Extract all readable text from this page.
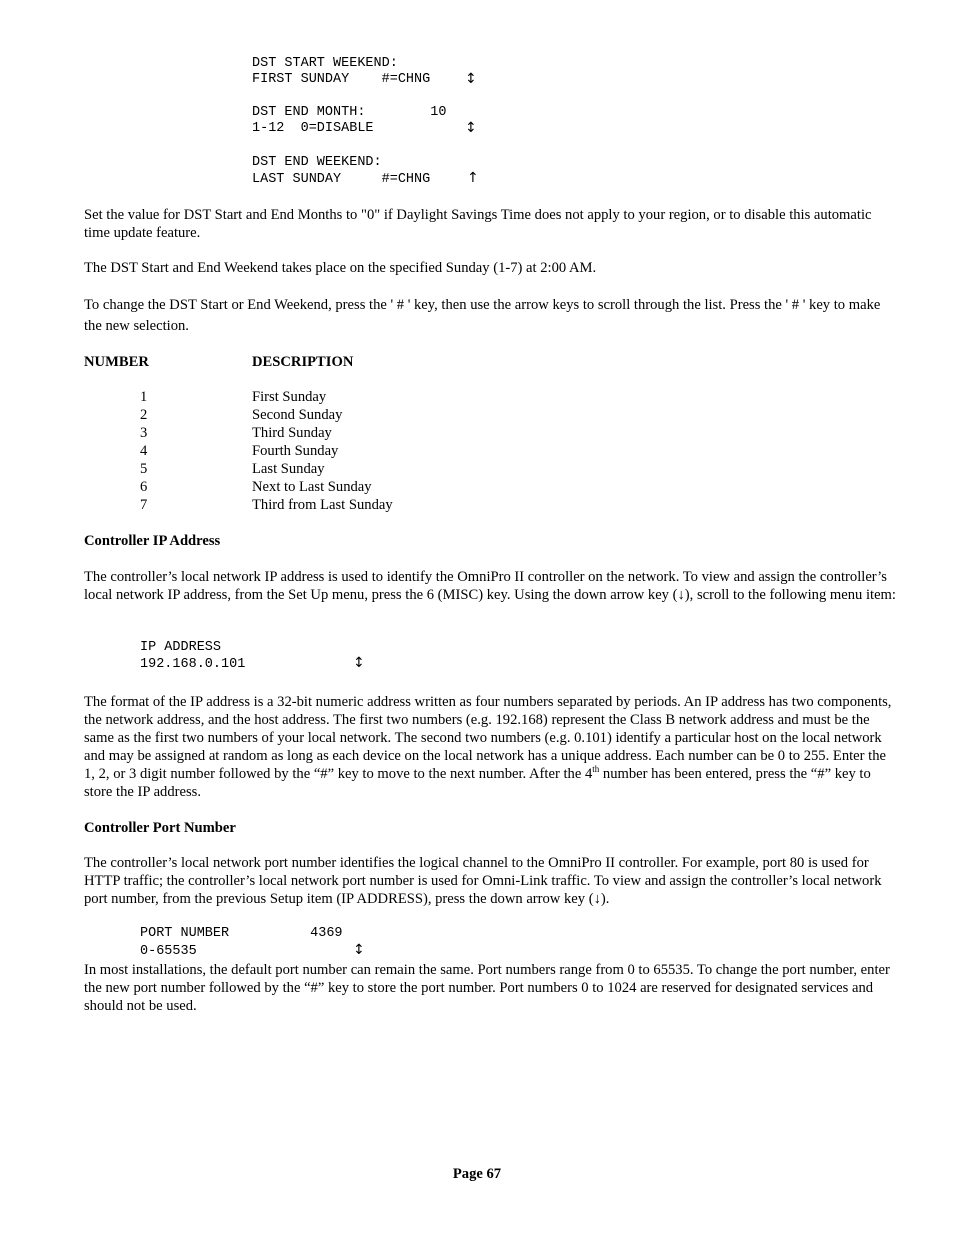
DST START WEEKEND:
FIRST SUNDAY    #=CHNG ↕
DST END MONTH:        10
1-12  0=DISABLE	↕
DST END WEEKEND:
LAST SUNDAY     #=CHNG	↑
Set the value for DST Start and End Months to "0" if Daylight Savings Time does not apply to your region, or to disable this automatic time update feature.
The DST Start and End Weekend takes place on the specified Sunday (1-7) at 2:00 AM.
To change the DST Start or End Weekend, press the ' # ' key, then use the arrow keys to scroll through the list. Press the ' # ' key to make the new selection.
NUMBER	DESCRIPTION
1	First Sunday
2	Second Sunday
3	Third Sunday
4	Fourth Sunday
5	Last Sunday
6	Next to Last Sunday
7	Third from Last Sunday
Controller IP Address
The controller’s local network IP address is used to identify the OmniPro II controller on the network. To view and assign the controller’s local network IP address, from the Set Up menu, press the 6 (MISC) key. Using the down arrow key (↓), scroll to the following menu item:
IP ADDRESS
192.168.0.101	↕
The format of the IP address is a 32-bit numeric address written as four numbers separated by periods. An IP address has two components, the network address, and the host address. The first two numbers (e.g. 192.168) represent the Class B network address and must be the same as the first two numbers of your local network. The second two numbers (e.g. 0.101) identify a particular host on the local network and may be assigned at random as long as each device on the local network has a unique address. Each number can be 0 to 255. Enter the 1, 2, or 3 digit number followed by the “#” key to move to the next number. After the 4th number has been entered, press the “#” key to store the IP address.
Controller Port Number
The controller’s local network port number identifies the logical channel to the OmniPro II controller. For example, port 80 is used for HTTP traffic; the controller’s local network port number is used for Omni-Link traffic. To view and assign the controller’s local network port number, from the previous Setup item (IP ADDRESS), press the down arrow key (↓).
PORT NUMBER          4369
0-65535	↕
In most installations, the default port number can remain the same. Port numbers range from 0 to 65535. To change the port number, enter the new port number followed by the “#” key to store the port number. Port numbers 0 to 1024 are reserved for designated services and should not be used.
Page 67
